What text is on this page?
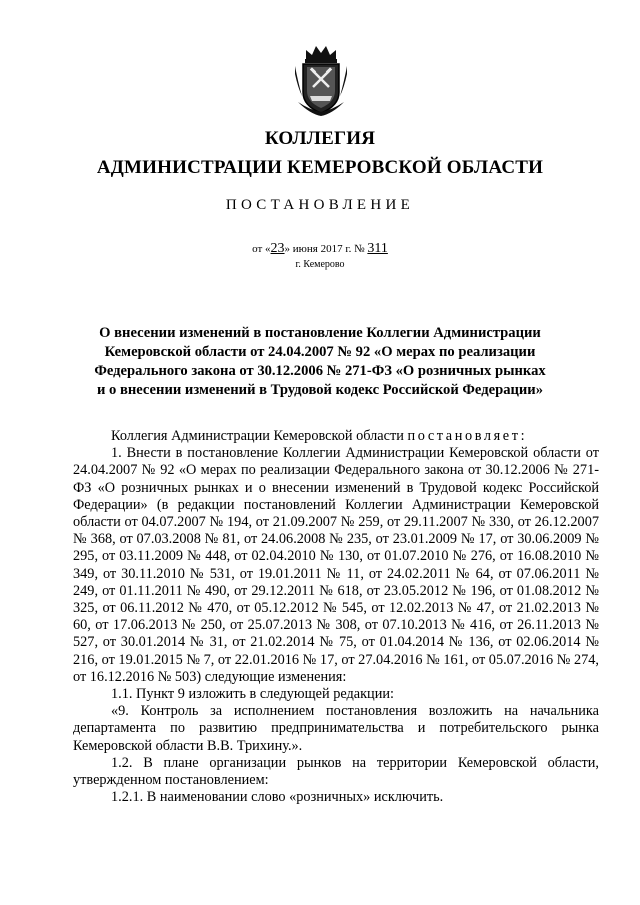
КОЛЛЕГИЯ
АДМИНИСТРАЦИИ КЕМЕРОВСКОЙ ОБЛАСТИ
ПОСТАНОВЛЕНИЕ
от «23» июня 2017 г. № 311
г. Кемерово
О внесении изменений в постановление Коллегии Администрации
Кемеровской области от 24.04.2007 № 92 «О мерах по реализации
Федерального закона от 30.12.2006 № 271-ФЗ «О розничных рынках
и о внесении изменений в Трудовой кодекс Российской Федерации»

Коллегия Администрации Кемеровской области постановляет:

1. Внести в постановление Коллегии Администрации Кемеровской области от 24.04.2007 № 92 «О мерах по реализации Федерального закона от 30.12.2006 № 271-ФЗ «О розничных рынках и о внесении изменений в Трудовой кодекс Российской Федерации» (в редакции постановлений Коллегии Администрации Кемеровской области от 04.07.2007 № 194, от 21.09.2007 № 259, от 29.11.2007 № 330, от 26.12.2007 № 368, от 07.03.2008 № 81, от 24.06.2008 № 235, от 23.01.2009 № 17, от 30.06.2009 № 295, от 03.11.2009 № 448, от 02.04.2010 № 130, от 01.07.2010 № 276, от 16.08.2010 № 349, от 30.11.2010 № 531, от 19.01.2011 № 11, от 24.02.2011 № 64, от 07.06.2011 № 249, от 01.11.2011 № 490, от 29.12.2011 № 618, от 23.05.2012 № 196, от 01.08.2012 № 325, от 06.11.2012 № 470, от 05.12.2012 № 545, от 12.02.2013 № 47, от 21.02.2013 № 60, от 17.06.2013 № 250, от 25.07.2013 № 308, от 07.10.2013 № 416, от 26.11.2013 № 527, от 30.01.2014 № 31, от 21.02.2014 № 75, от 01.04.2014 № 136, от 02.06.2014 № 216, от 19.01.2015 № 7, от 22.01.2016 № 17, от 27.04.2016 № 161, от 05.07.2016 № 274, от 16.12.2016 № 503) следующие изменения:

1.1. Пункт 9 изложить в следующей редакции:

«9. Контроль за исполнением постановления возложить на начальника департамента по развитию предпринимательства и потребительского рынка Кемеровской области В.В. Трихину.».

1.2. В плане организации рынков на территории Кемеровской области, утвержденном постановлением:

1.2.1. В наименовании слово «розничных» исключить.
